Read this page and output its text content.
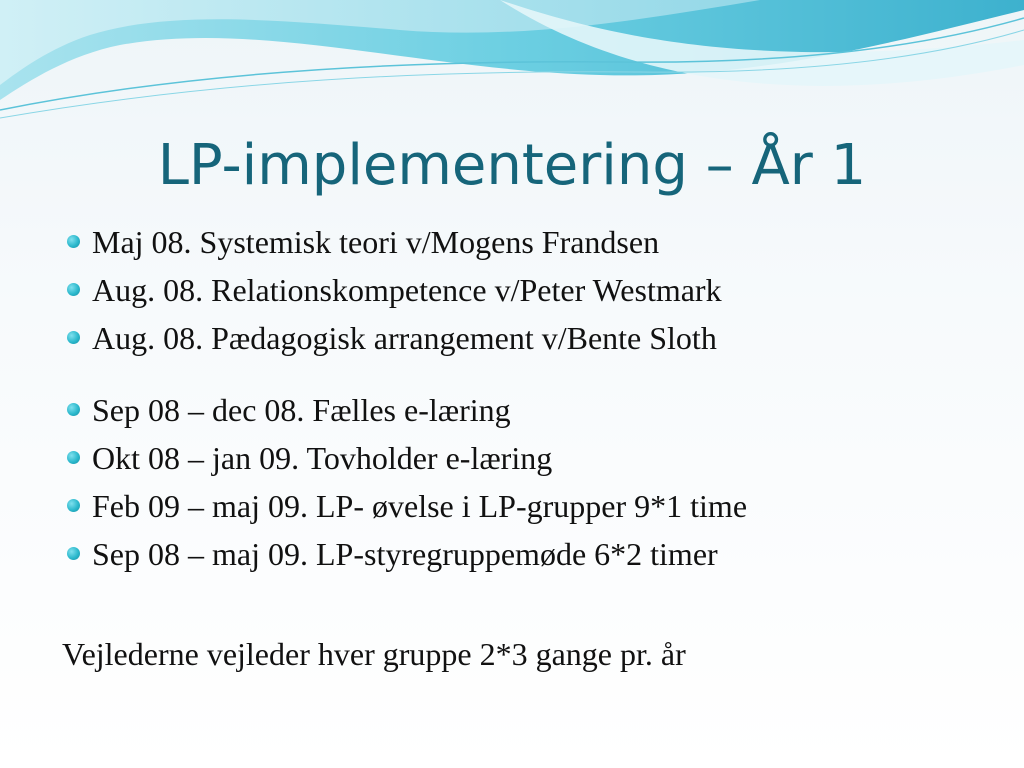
LP-implementering – År 1
Maj 08. Systemisk teori v/Mogens Frandsen
Aug. 08. Relationskompetence v/Peter Westmark
Aug. 08. Pædagogisk arrangement v/Bente Sloth
Sep 08 – dec 08. Fælles e-læring
Okt 08 – jan 09. Tovholder e-læring
Feb 09 – maj 09. LP- øvelse i LP-grupper 9*1 time
Sep 08 – maj 09. LP-styregruppemøde 6*2 timer
Vejlederne vejleder hver gruppe 2*3 gange pr. år
